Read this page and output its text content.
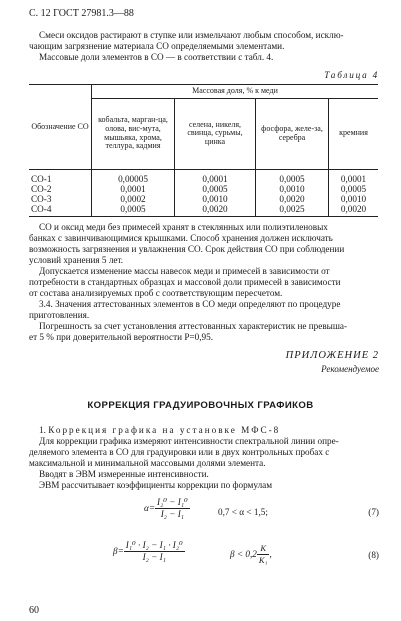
С. 12 ГОСТ 27981.3—88
Смеси оксидов растирают в ступке или измельчают любым способом, исклю-
чающим загрязнение материала СО определяемыми элементами.
Массовые доли элементов в СО — в соответствии с табл. 4.
Таблица 4
Обозначение СО	Массовая доля, % к меди			
	кобальта, марган-ца, олова, вис-мута, мышьяка, хрома, теллура, кадмия	селена, никеля, свинца, сурьмы, цинка	фосфора, желе-за, серебра	кремния
СО-1	0,00005	0,0001	0,0005	0,0001
СО-2	0,0001	0,0005	0,0010	0,0005
СО-3	0,0002	0,0010	0,0020	0,0010
СО-4	0,0005	0,0020	0,0025	0,0020
СО и оксид меди без примесей хранят в стеклянных или полиэтиленовых
банках с завинчивающимися крышками. Способ хранения должен исключать
возможность загрязнения и увлажнения СО. Срок действия СО при соблюдении
условий хранения 5 лет.
Допускается изменение массы навесок меди и примесей в зависимости от
потребности в стандартных образцах и массовой доли примесей в зависимости
от состава анализируемых проб с соответствующим пересчетом.
3.4. Значения аттестованных элементов в СО меди определяют по процедуре
приготовления.
Погрешность за счет установления аттестованных характеристик не превыша-
ет 5 % при доверительной вероятности P=0,95.
ПРИЛОЖЕНИЕ 2
Рекомендуемое
КОРРЕКЦИЯ ГРАДУИРОВОЧНЫХ ГРАФИКОВ
1. Коррекция графика на установке МФС-8
Для коррекции графика измеряют интенсивности спектральной линии опре-
деляемого элемента в СО для градуировки или в двух контрольных пробах с
максимальной и минимальной массовыми долями элемента.
Вводят в ЭВМ измеренные интенсивности.
ЭВМ рассчитывает коэффициенты коррекции по формулам
$\alpha= \frac{\text{I₂⁰ − I₁⁰}}{\text{I₂ − I₁}}$	0,7 < α < 1,5;	(7)
$\beta= \frac{\text{I₁⁰ · I₂ − I₁ · I₂⁰}}{\text{I₂ − I₁}}$	$\beta < 0,2 \frac{K}{\text{K₁}}$ ,	(8)
60
